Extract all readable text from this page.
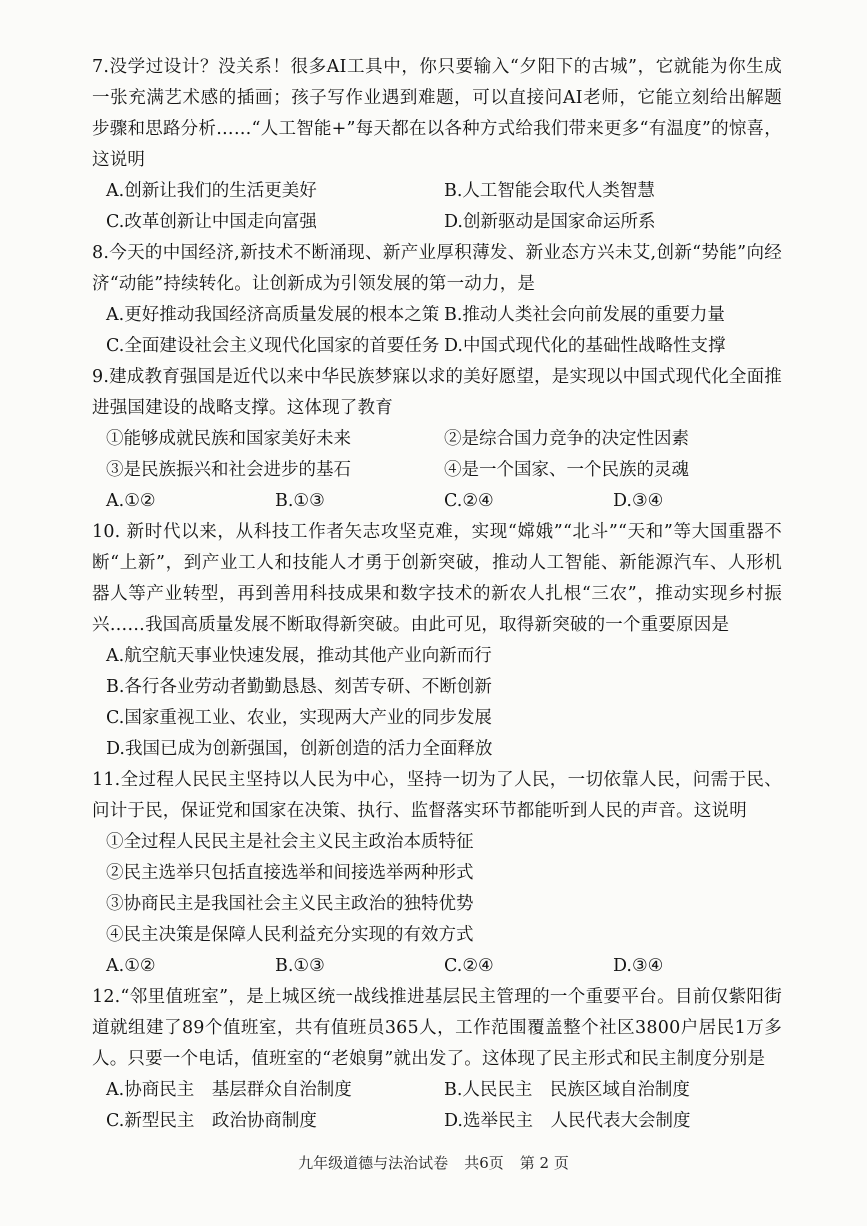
7.没学过设计？没关系！很多AI工具中，你只要输入“夕阳下的古城”，它就能为你生成一张充满艺术感的插画；孩子写作业遇到难题，可以直接问AI老师，它能立刻给出解题步骤和思路分析……“人工智能+”每天都在以各种方式给我们带来更多“有温度”的惊喜，这说明

A.创新让我们的生活更美好	B.人工智能会取代人类智慧
C.改革创新让中国走向富强	D.创新驱动是国家命运所系

8.今天的中国经济,新技术不断涌现、新产业厚积薄发、新业态方兴未艾,创新“势能”向经济“动能”持续转化。让创新成为引领发展的第一动力，是

A.更好推动我国经济高质量发展的根本之策 B.推动人类社会向前发展的重要力量
C.全面建设社会主义现代化国家的首要任务 D.中国式现代化的基础性战略性支撑

9.建成教育强国是近代以来中华民族梦寐以求的美好愿望，是实现以中国式现代化全面推进强国建设的战略支撑。这体现了教育

①能够成就民族和国家美好未来	②是综合国力竞争的决定性因素
③是民族振兴和社会进步的基石	④是一个国家、一个民族的灵魂
A.①②	B.①③	C.②④	D.③④

10. 新时代以来，从科技工作者矢志攻坚克难，实现“嫦娥”“北斗”“天和”等大国重器不断“上新”，到产业工人和技能人才勇于创新突破，推动人工智能、新能源汽车、人形机器人等产业转型，再到善用科技成果和数字技术的新农人扎根“三农”，推动实现乡村振兴……我国高质量发展不断取得新突破。由此可见，取得新突破的一个重要原因是

A.航空航天事业快速发展，推动其他产业向新而行
B.各行各业劳动者勤勤恳恳、刻苦专研、不断创新
C.国家重视工业、农业，实现两大产业的同步发展
D.我国已成为创新强国，创新创造的活力全面释放

11.全过程人民民主坚持以人民为中心，坚持一切为了人民，一切依靠人民，问需于民、问计于民，保证党和国家在决策、执行、监督落实环节都能听到人民的声音。这说明

①全过程人民民主是社会主义民主政治本质特征
②民主选举只包括直接选举和间接选举两种形式
③协商民主是我国社会主义民主政治的独特优势
④民主决策是保障人民利益充分实现的有效方式
A.①②	B.①③	C.②④	D.③④

12.“邻里值班室”，是上城区统一战线推进基层民主管理的一个重要平台。目前仅紫阳街道就组建了89个值班室，共有值班员365人，工作范围覆盖整个社区3800户居民1万多人。只要一个电话，值班室的“老娘舅”就出发了。这体现了民主形式和民主制度分别是

A.协商民主　基层群众自治制度	B.人民民主　民族区域自治制度
C.新型民主　政治协商制度	D.选举民主　人民代表大会制度
九年级道德与法治试卷 共6页 第 2 页
